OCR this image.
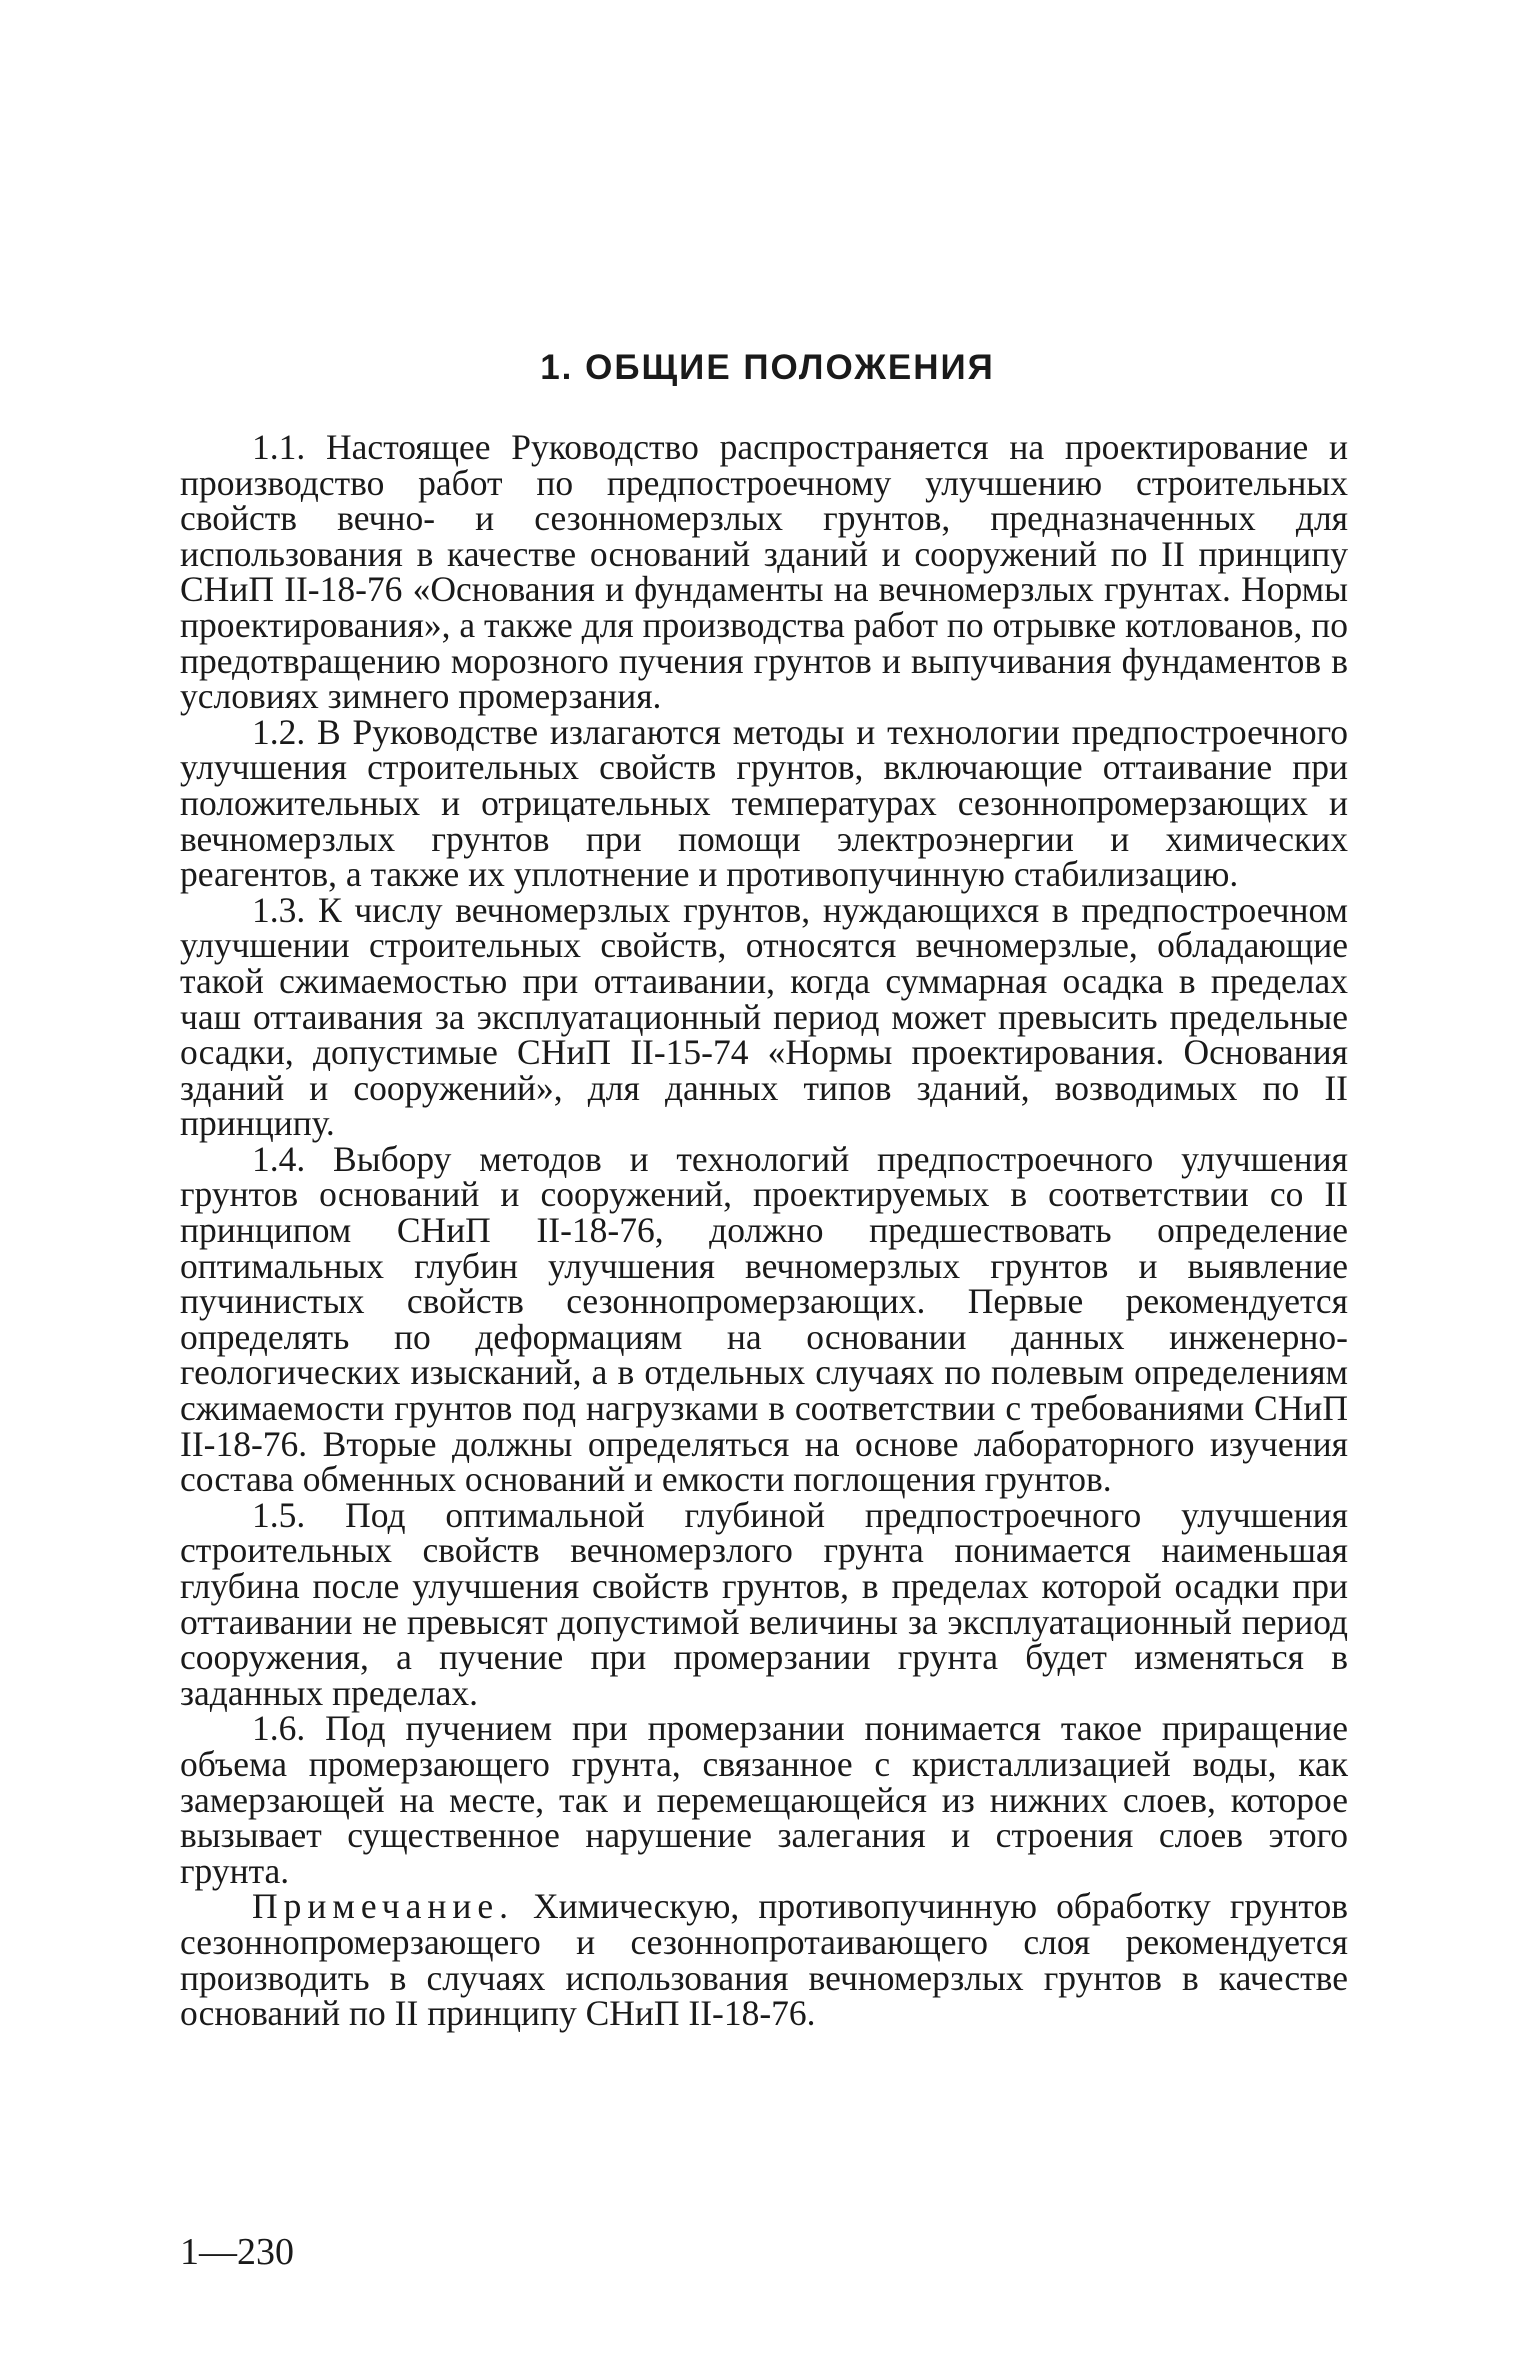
1. ОБЩИЕ ПОЛОЖЕНИЯ

1.1. Настоящее Руководство распространяется на проектирование и производство работ по предпостроечному улучшению строительных свойств вечно- и сезонномерзлых грунтов, предназначенных для использования в качестве оснований зданий и сооружений по II принципу СНиП II-18-76 «Основания и фундаменты на вечномерзлых грунтах. Нормы проектирования», а также для производства работ по отрывке котлованов, по предотвращению морозного пучения грунтов и выпучивания фундаментов в условиях зимнего промерзания.

1.2. В Руководстве излагаются методы и технологии предпостроечного улучшения строительных свойств грунтов, включающие оттаивание при положительных и отрицательных температурах сезоннопромерзающих и вечномерзлых грунтов при помощи электроэнергии и химических реагентов, а также их уплотнение и противопучинную стабилизацию.

1.3. К числу вечномерзлых грунтов, нуждающихся в предпостроечном улучшении строительных свойств, относятся вечномерзлые, обладающие такой сжимаемостью при оттаивании, когда суммарная осадка в пределах чаш оттаивания за эксплуатационный период может превысить предельные осадки, допустимые СНиП II-15-74 «Нормы проектирования. Основания зданий и сооружений», для данных типов зданий, возводимых по II принципу.

1.4. Выбору методов и технологий предпостроечного улучшения грунтов оснований и сооружений, проектируемых в соответствии со II принципом СНиП II-18-76, должно предшествовать определение оптимальных глубин улучшения вечномерзлых грунтов и выявление пучинистых свойств сезоннопромерзающих. Первые рекомендуется определять по деформациям на основании данных инженерно-геологических изысканий, а в отдельных случаях по полевым определениям сжимаемости грунтов под нагрузками в соответствии с требованиями СНиП II-18-76. Вторые должны определяться на основе лабораторного изучения состава обменных оснований и емкости поглощения грунтов.

1.5. Под оптимальной глубиной предпостроечного улучшения строительных свойств вечномерзлого грунта понимается наименьшая глубина после улучшения свойств грунтов, в пределах которой осадки при оттаивании не превысят допустимой величины за эксплуатационный период сооружения, а пучение при промерзании грунта будет изменяться в заданных пределах.

1.6. Под пучением при промерзании понимается такое приращение объема промерзающего грунта, связанное с кристаллизацией воды, как замерзающей на месте, так и перемещающейся из нижних слоев, которое вызывает существенное нарушение залегания и строения слоев этого грунта.

Примечание. Химическую, противопучинную обработку грунтов сезоннопромерзающего и сезоннопротаивающего слоя рекомендуется производить в случаях использования вечномерзлых грунтов в качестве оснований по II принципу СНиП II-18-76.

1—230
